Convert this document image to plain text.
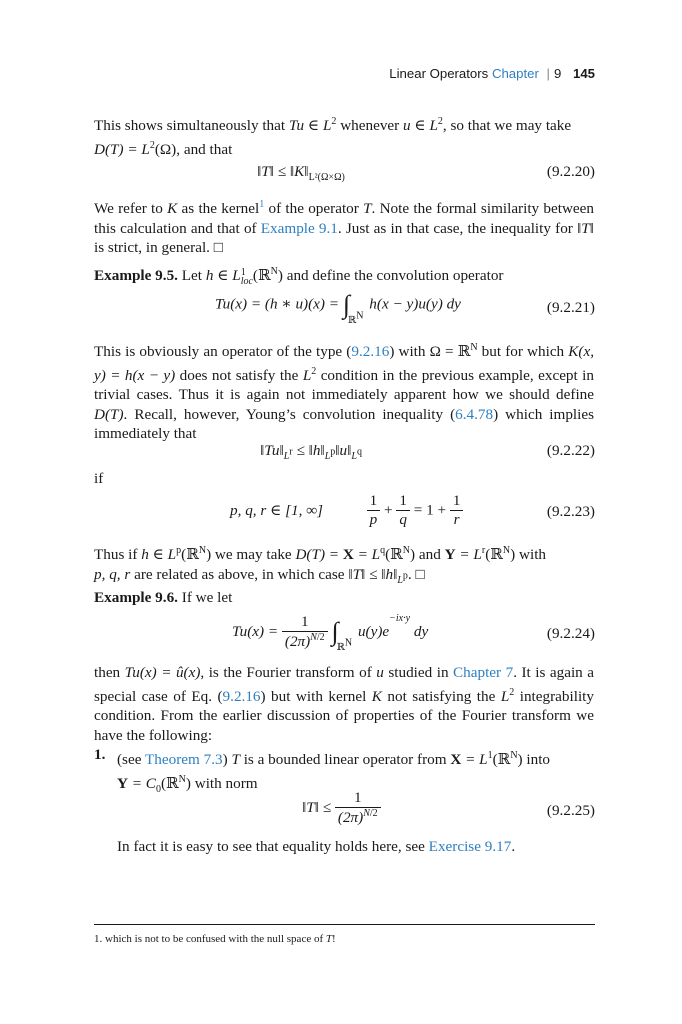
Linear Operators Chapter | 9 145
This shows simultaneously that Tu ∈ $L^2$ whenever u ∈ $L^2$, so that we may take
$D(T) = L^2(\Omega)$, and that
‖T‖ ≤ $‖K‖_{L^2(\Omega\times\Omega)}$	(9.2.20)
We refer to K as the kernel$^1$ of the operator T. Note the formal similarity between this calculation and that of Example 9.1. Just as in that case, the inequality for ‖T‖ is strict, in general. □
Example 9.5. Let h ∈ L1
loc(ℝ$^N$) and define the convolution operator
Tu(x) = (h ∗ $u)(x) = \int_{ℝ^N}$ h(x − y)u(y) dy	(9.2.21)
This is obviously an operator of the type (9.2.16) with Ω = ℝ$^N$ but for which K(x, y) = h(x − y) does not satisfy the $L^2$ condition in the previous example, except in trivial cases. Thus it is again not immediately apparent how we should define D(T). Recall, however, Young’s convolution inequality (6.4.78) which implies immediately that
$‖Tu‖_{L^r}$ ≤ $‖h‖_{L^p}‖u‖_{L^q}$	(9.2.22)
if
p, q, r ∈ [1, ∞]	$\frac{1}{p} + \frac{1}{q} = 1 + \frac{1}{r}$	(9.2.23)
Thus if h ∈ $L^p(ℝ^N)$ we may take $D(T) = X = L^q(ℝ^N)$ and $Y = L^r(ℝ^N)$ with
p, q, r are related as above, in which case ‖T‖ ≤ $‖h‖_{L^p}$. □
Example 9.6. If we let
$Tu(x) = \frac{1}{(2\pi)^{N/2}} \int_{ℝ^N}$ $u(y)e^{-ix\cdot y}$ dy	(9.2.24)
then Tu(x) = û(x), is the Fourier transform of u studied in Chapter 7. It is again a special case of Eq. (9.2.16) but with kernel K not satisfying the $L^2$ integrability condition. From the earlier discussion of properties of the Fourier transform we have the following:
1. (see Theorem 7.3) T is a bounded linear operator from $X = L^1(ℝ^N)$ into
$Y = C_0(ℝ^N)$ with norm
‖T‖ ≤ $\frac{1}{(2\pi)^{N/2}}$	(9.2.25)
In fact it is easy to see that equality holds here, see Exercise 9.17.
1. which is not to be confused with the null space of T!
